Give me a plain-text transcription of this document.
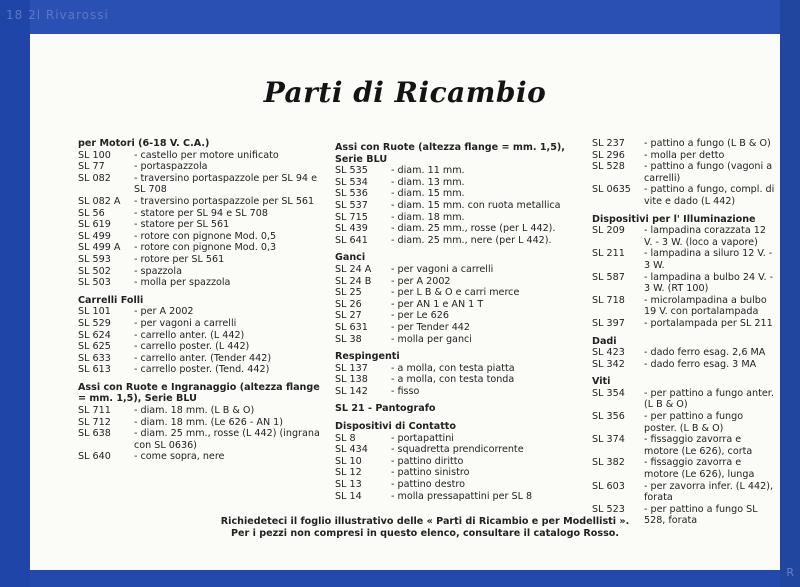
18 2l Rivarossi
R
Parti di Ricambio
per Motori (6-18 V. C.A.)
SL 100	- castello per motore unificato
SL 77	- portaspazzola
SL 082	- traversino portaspazzole per SL 94 e SL 708
SL 082 A	- traversino portaspazzole per SL 561
SL 56	- statore per SL 94 e SL 708
SL 619	- statore per SL 561
SL 499	- rotore con pignone Mod. 0,5
SL 499 A	- rotore con pignone Mod. 0,3
SL 593	- rotore per SL 561
SL 502	- spazzola
SL 503	- molla per spazzola
Carrelli Folli
SL 101	- per A 2002
SL 529	- per vagoni a carrelli
SL 624	- carrello anter. (L 442)
SL 625	- carrello poster. (L 442)
SL 633	- carrello anter. (Tender 442)
SL 613	- carrello poster. (Tend. 442)
Assi con Ruote e Ingranaggio (altezza flange = mm. 1,5), Serie BLU
SL 711	- diam. 18 mm. (L B & O)
SL 712	- diam. 18 mm. (Le 626 - AN 1)
SL 638	- diam. 25 mm., rosse (L 442) (ingrana con SL 0636)
SL 640	- come sopra, nere
Assi con Ruote (altezza flange = mm. 1,5), Serie BLU
SL 535	- diam. 11 mm.
SL 534	- diam. 13 mm.
SL 536	- diam. 15 mm.
SL 537	- diam. 15 mm. con ruota metallica
SL 715	- diam. 18 mm.
SL 439	- diam. 25 mm., rosse (per L 442).
SL 641	- diam. 25 mm., nere (per L 442).
Ganci
SL 24 A	- per vagoni a carrelli
SL 24 B	- per A 2002
SL 25	- per L B & O e carri merce
SL 26	- per AN 1 e AN 1 T
SL 27	- per Le 626
SL 631	- per Tender 442
SL 38	- molla per ganci
Respingenti
SL 137	- a molla, con testa piatta
SL 138	- a molla, con testa tonda
SL 142	- fisso
SL 21 - Pantografo
Dispositivi di Contatto
SL 8	- portapattini
SL 434	- squadretta prendicorrente
SL 10	- pattino diritto
SL 12	- pattino sinistro
SL 13	- pattino destro
SL 14	- molla pressapattini per SL 8
SL 237	- pattino a fungo (L B & O)
SL 296	- molla per detto
SL 528	- pattino a fungo (vagoni a carrelli)
SL 0635	- pattino a fungo, compl. di vite e dado (L 442)
Dispositivi per l' Illuminazione
SL 209	- lampadina corazzata 12 V. - 3 W. (loco a vapore)
SL 211	- lampadina a siluro 12 V. - 3 W.
SL 587	- lampadina a bulbo 24 V. - 3 W. (RT 100)
SL 718	- microlampadina a bulbo 19 V. con portalampada
SL 397	- portalampada per SL 211
Dadi
SL 423	- dado ferro esag. 2,6 MA
SL 342	- dado ferro esag. 3 MA
Viti
SL 354	- per pattino a fungo anter. (L B & O)
SL 356	- per pattino a fungo poster. (L B & O)
SL 374	- fissaggio zavorra e motore (Le 626), corta
SL 382	- fissaggio zavorra e motore (Le 626), lunga
SL 603	- per zavorra infer. (L 442), forata
SL 523	- per pattino a fungo SL 528, forata
Richiedeteci il foglio illustrativo delle « Parti di Ricambio e per Modellisti ».
Per i pezzi non compresi in questo elenco, consultare il catalogo Rosso.
